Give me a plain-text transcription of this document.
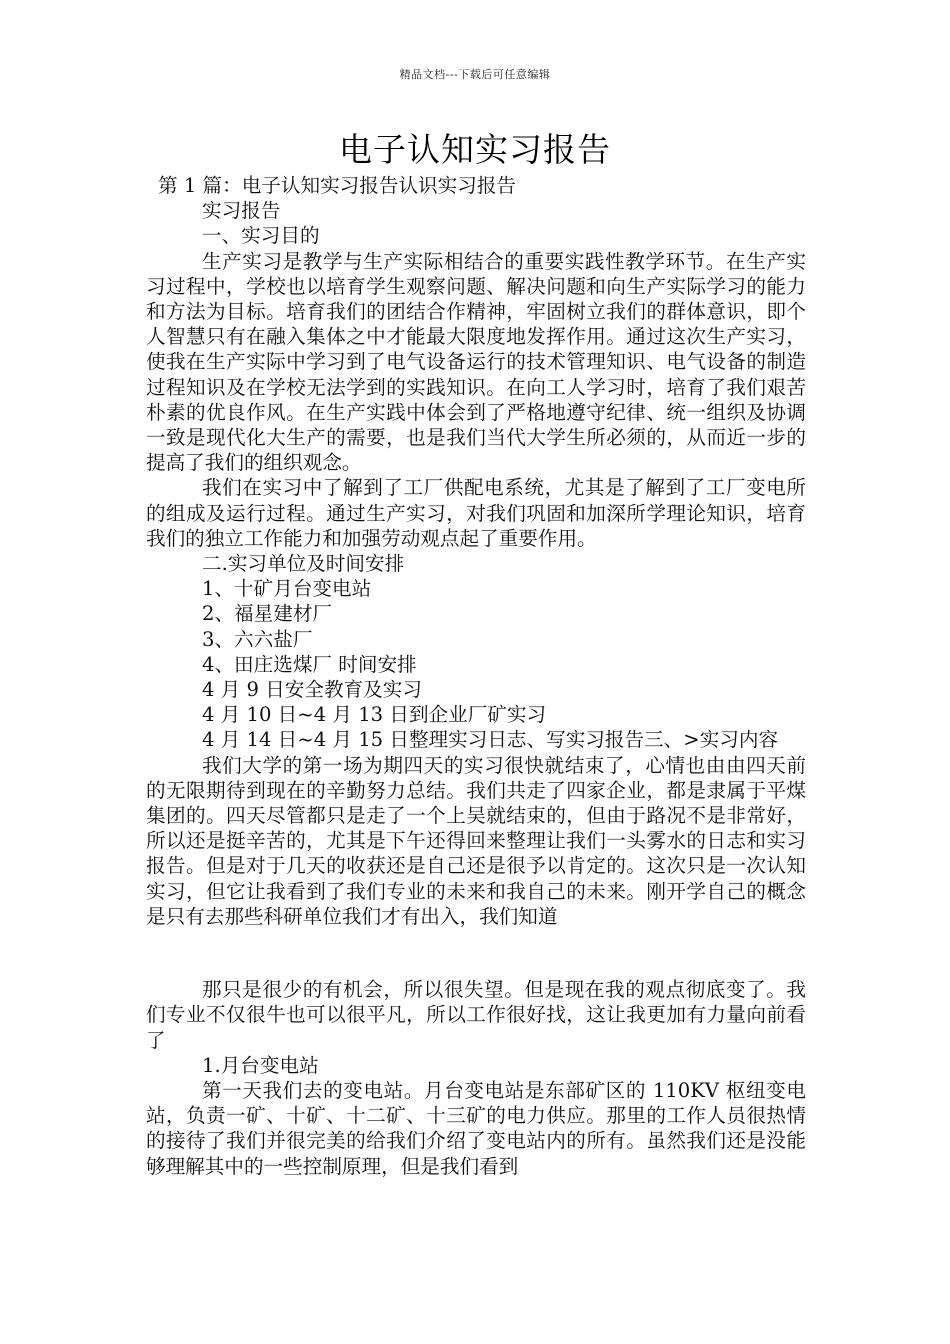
精品文档---下载后可任意编辑
电子认知实习报告

第 1 篇：电子认知实习报告认识实习报告

实习报告

一、实习目的

生产实习是教学与生产实际相结合的重要实践性教学环节。在生产实习过程中，学校也以培育学生观察问题、解决问题和向生产实际学习的能力和方法为目标。培育我们的团结合作精神，牢固树立我们的群体意识，即个人智慧只有在融入集体之中才能最大限度地发挥作用。通过这次生产实习，使我在生产实际中学习到了电气设备运行的技术管理知识、电气设备的制造过程知识及在学校无法学到的实践知识。在向工人学习时，培育了我们艰苦朴素的优良作风。在生产实践中体会到了严格地遵守纪律、统一组织及协调一致是现代化大生产的需要，也是我们当代大学生所必须的，从而近一步的提高了我们的组织观念。

我们在实习中了解到了工厂供配电系统，尤其是了解到了工厂变电所的组成及运行过程。通过生产实习，对我们巩固和加深所学理论知识，培育我们的独立工作能力和加强劳动观点起了重要作用。

二.实习单位及时间安排

1、十矿月台变电站

2、福星建材厂

3、六六盐厂

4、田庄选煤厂 时间安排

4 月 9 日安全教育及实习

4 月 10 日~4 月 13 日到企业厂矿实习

4 月 14 日~4 月 15 日整理实习日志、写实习报告三、>实习内容

我们大学的第一场为期四天的实习很快就结束了，心情也由由四天前的无限期待到现在的辛勤努力总结。我们共走了四家企业，都是隶属于平煤集团的。四天尽管都只是走了一个上吴就结束的，但由于路况不是非常好，所以还是挺辛苦的，尤其是下午还得回来整理让我们一头雾水的日志和实习报告。但是对于几天的收获还是自己还是很予以肯定的。这次只是一次认知实习，但它让我看到了我们专业的未来和我自己的未来。刚开学自己的概念是只有去那些科研单位我们才有出入，我们知道

那只是很少的有机会，所以很失望。但是现在我的观点彻底变了。我们专业不仅很牛也可以很平凡，所以工作很好找，这让我更加有力量向前看了

1.月台变电站

第一天我们去的变电站。月台变电站是东部矿区的 110KV 枢纽变电站，负责一矿、十矿、十二矿、十三矿的电力供应。那里的工作人员很热情的接待了我们并很完美的给我们介绍了变电站内的所有。虽然我们还是没能够理解其中的一些控制原理，但是我们看到
